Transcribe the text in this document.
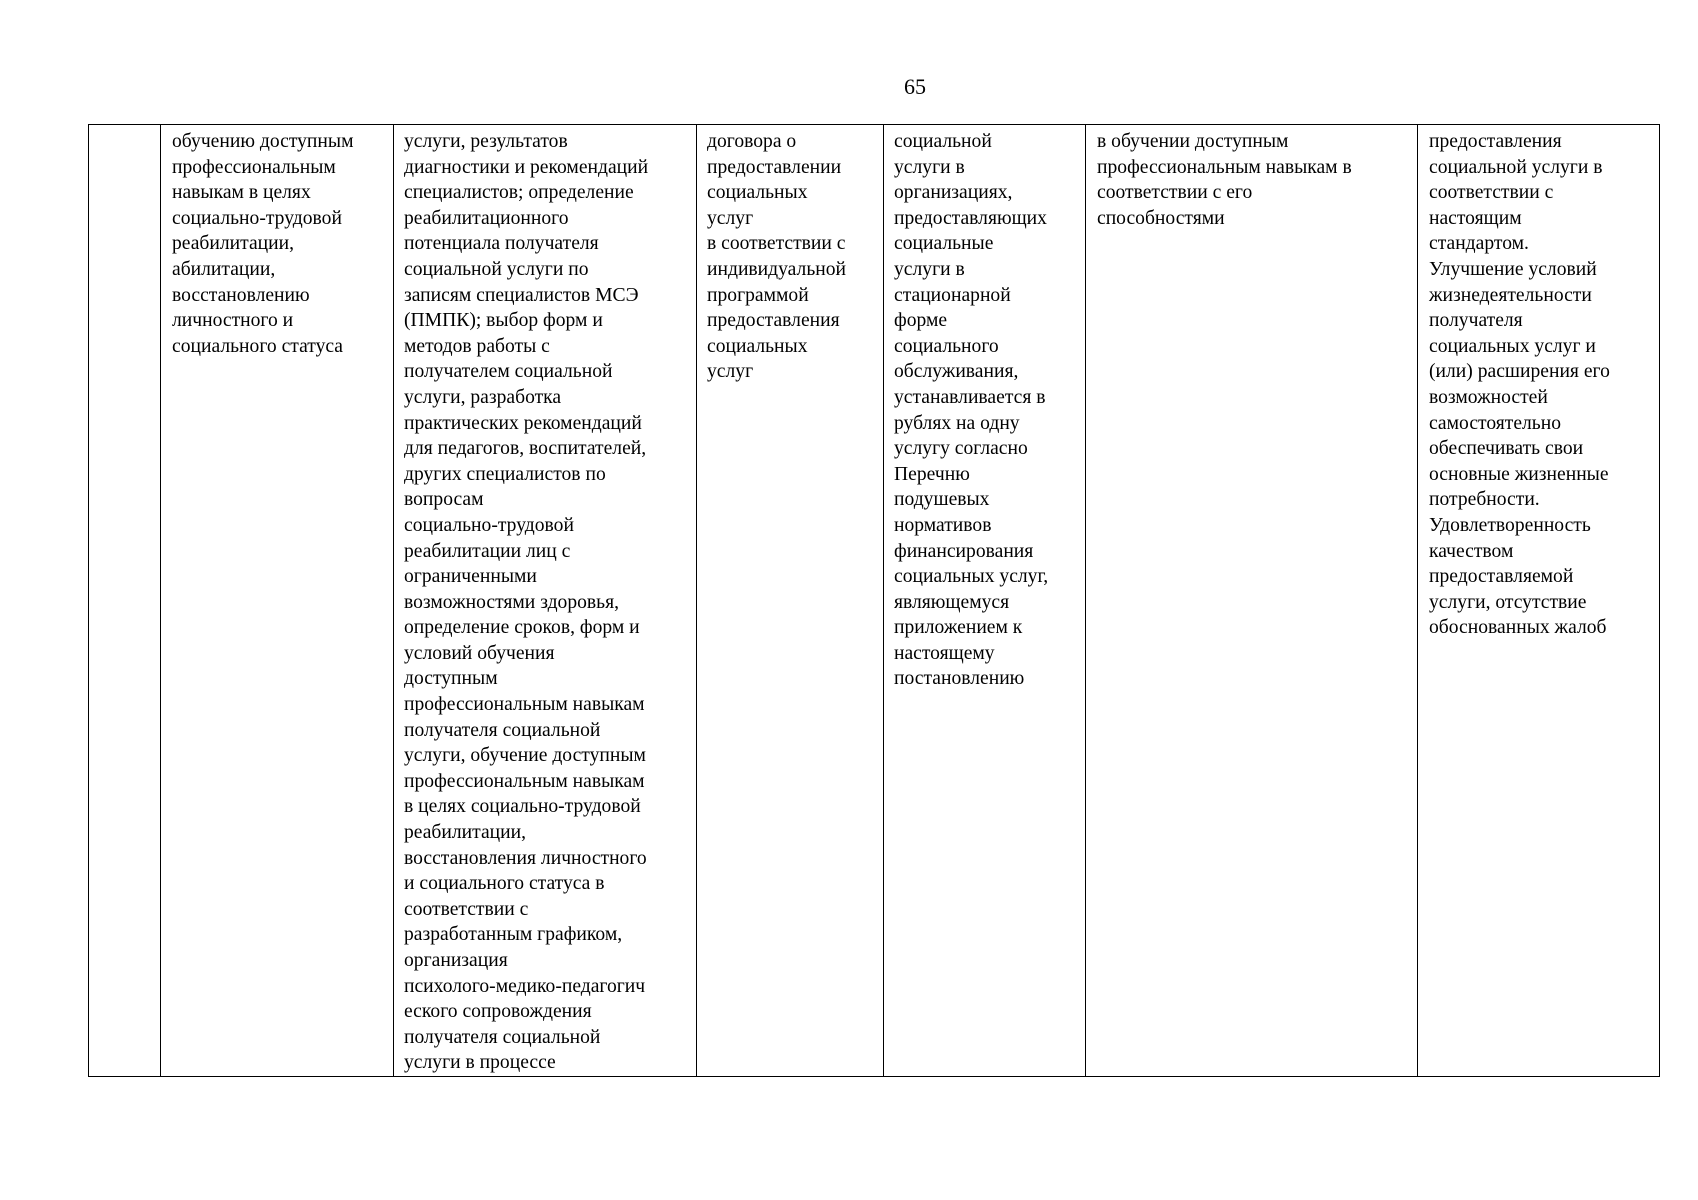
65
	обучению доступным
профессиональным
навыкам в целях
социально-трудовой
реабилитации,
абилитации,
восстановлению
личностного и
социального статуса	услуги, результатов
диагностики и рекомендаций
специалистов; определение
реабилитационного
потенциала получателя
социальной услуги по
записям специалистов МСЭ
(ПМПК); выбор форм и
методов работы с
получателем социальной
услуги, разработка
практических рекомендаций
для педагогов, воспитателей,
других специалистов по
вопросам
социально-трудовой
реабилитации лиц с
ограниченными
возможностями здоровья,
определение сроков, форм и
условий обучения
доступным
профессиональным навыкам
получателя социальной
услуги, обучение доступным
профессиональным навыкам
в целях социально-трудовой
реабилитации,
восстановления личностного
и социального статуса в
соответствии с
разработанным графиком,
организация
психолого-медико-педагогич
еского сопровождения
получателя социальной
услуги в процессе	договора о
предоставлении
социальных
услуг
в соответствии с
индивидуальной
программой
предоставления
социальных
услуг	социальной
услуги в
организациях,
предоставляющих
социальные
услуги в
стационарной
форме
социального
обслуживания,
устанавливается в
рублях на одну
услугу согласно
Перечню
подушевых
нормативов
финансирования
социальных услуг,
являющемуся
приложением к
настоящему
постановлению	в обучении доступным
профессиональным навыкам в
соответствии с его
способностями	предоставления
социальной услуги в
соответствии с
настоящим
стандартом.
Улучшение условий
жизнедеятельности
получателя
социальных услуг и
(или) расширения его
возможностей
самостоятельно
обеспечивать свои
основные жизненные
потребности.
Удовлетворенность
качеством
предоставляемой
услуги, отсутствие
обоснованных жалоб
